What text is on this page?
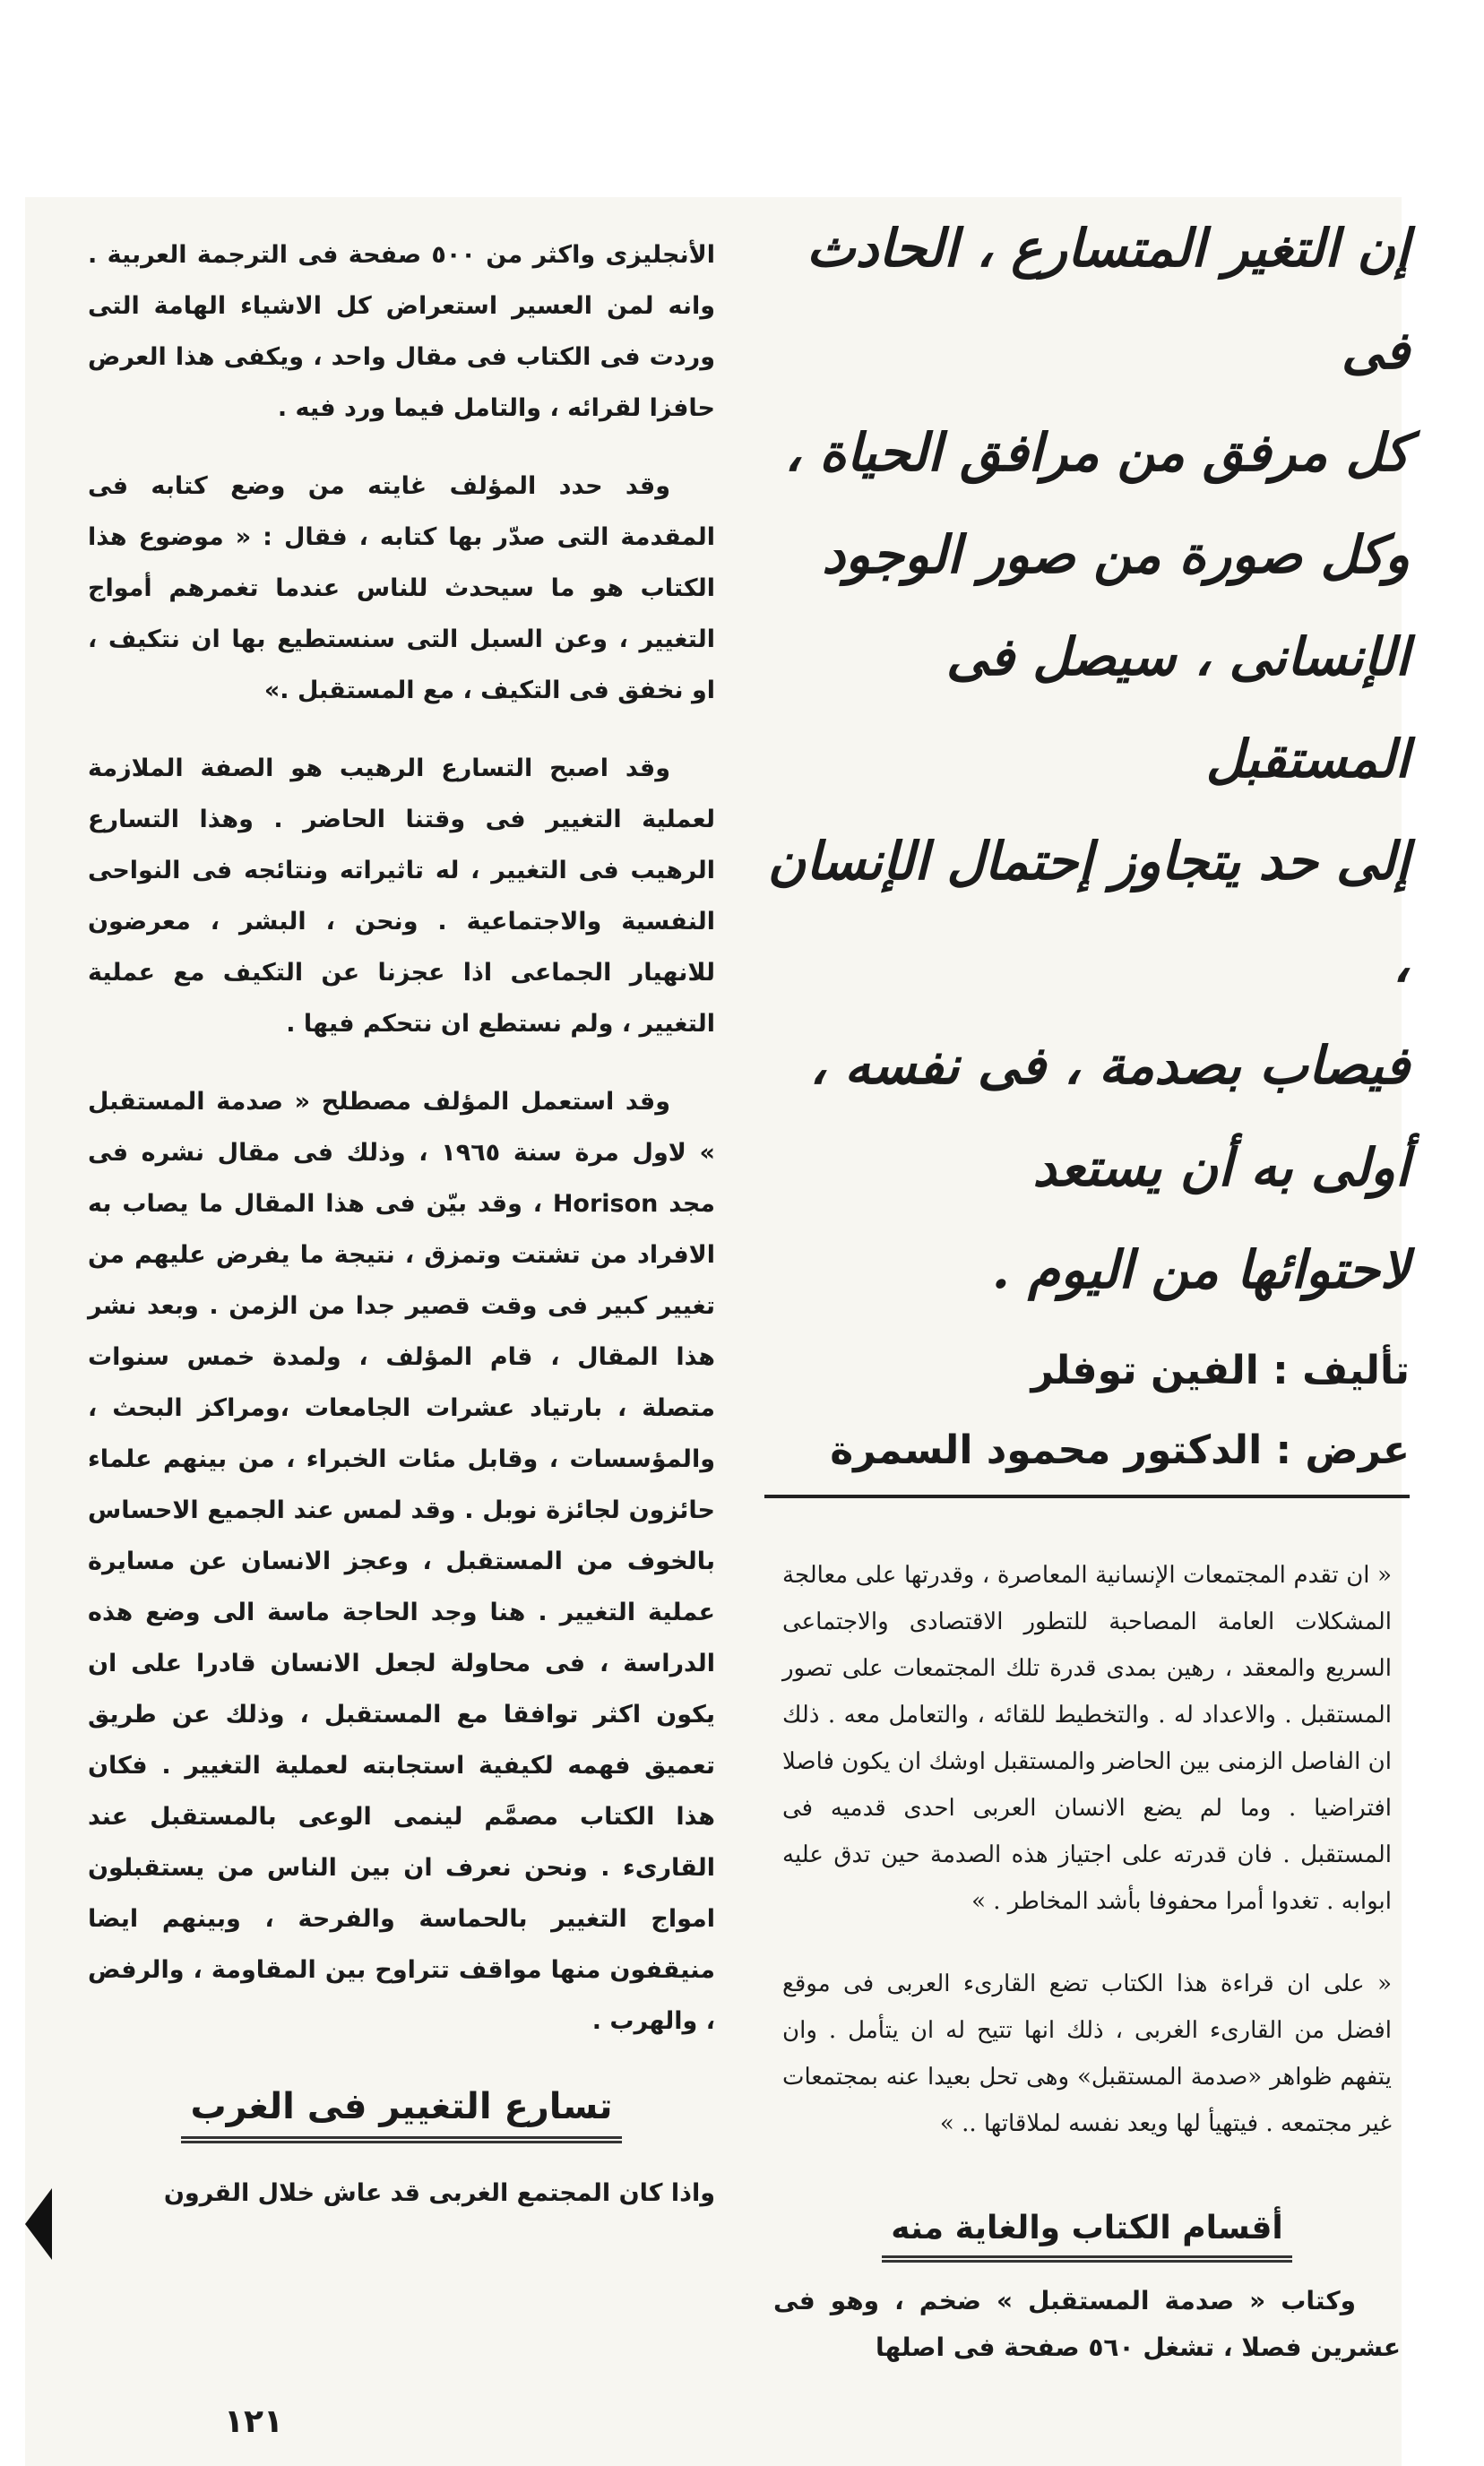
إن التغير المتسارع ، الحادث فى

كل مرفق من مرافق الحياة ،

وكل صورة من صور الوجود

الإنسانى ، سيصل فى المستقبل

إلى حد يتجاوز إحتمال الإنسان ،

فيصاب بصدمة ، فى نفسه ،

أولى به أن يستعد

لاحتوائها من اليوم .

تأليف : الفين توفلر

عرض : الدكتور محمود السمرة

« ان تقدم المجتمعات الإنسانية المعاصرة ، وقدرتها على معالجة المشكلات العامة المصاحبة للتطور الاقتصادى والاجتماعى السريع والمعقد ، رهين بمدى قدرة تلك المجتمعات على تصور المستقبل . والاعداد له . والتخطيط للقائه ، والتعامل معه . ذلك ان الفاصل الزمنى بين الحاضر والمستقبل اوشك ان يكون فاصلا افتراضيا . وما لم يضع الانسان العربى احدى قدميه فى المستقبل . فان قدرته على اجتياز هذه الصدمة حين تدق عليه ابوابه . تغدوا أمرا محفوفا بأشد المخاطر . »

« على ان قراءة هذا الكتاب تضع القارىء العربى فى موقع افضل من القارىء الغربى ، ذلك انها تتيح له ان يتأمل . وان يتفهم ظواهر «صدمة المستقبل» وهى تحل بعيدا عنه بمجتمعات غير مجتمعه . فيتهيأ لها ويعد نفسه لملاقاتها .. »

أقسام الكتاب والغاية منه

وكتاب « صدمة المستقبل » ضخم ، وهو فى عشرين فصلا ، تشغل ٥٦٠ صفحة فى اصلها

الأنجليزى واكثر من ٥٠٠ صفحة فى الترجمة العربية . وانه لمن العسير استعراض كل الاشياء الهامة التى وردت فى الكتاب فى مقال واحد ، ويكفى هذا العرض حافزا لقرائه ، والتامل فيما ورد فيه .

وقد حدد المؤلف غايته من وضع كتابه فى المقدمة التى صدّر بها كتابه ، فقال : « موضوع هذا الكتاب هو ما سيحدث للناس عندما تغمرهم أمواج التغيير ، وعن السبل التى سنستطيع بها ان نتكيف ، او نخفق فى التكيف ، مع المستقبل .»

وقد اصبح التسارع الرهيب هو الصفة الملازمة لعملية التغيير فى وقتنا الحاضر . وهذا التسارع الرهيب فى التغيير ، له تاثيراته ونتائجه فى النواحى النفسية والاجتماعية . ونحن ، البشر ، معرضون للانهيار الجماعى اذا عجزنا عن التكيف مع عملية التغيير ، ولم نستطع ان نتحكم فيها .

وقد استعمل المؤلف مصطلح « صدمة المستقبل » لاول مرة سنة ١٩٦٥ ، وذلك فى مقال نشره فى مجد Horison ، وقد بيّن فى هذا المقال ما يصاب به الافراد من تشتت وتمزق ، نتيجة ما يفرض عليهم من تغيير كبير فى وقت قصير جدا من الزمن . وبعد نشر هذا المقال ، قام المؤلف ، ولمدة خمس سنوات متصلة ، بارتياد عشرات الجامعات ،ومراكز البحث ، والمؤسسات ، وقابل مئات الخبراء ، من بينهم علماء حائزون لجائزة نوبل . وقد لمس عند الجميع الاحساس بالخوف من المستقبل ، وعجز الانسان عن مسايرة عملية التغيير . هنا وجد الحاجة ماسة الى وضع هذه الدراسة ، فى محاولة لجعل الانسان قادرا على ان يكون اكثر توافقا مع المستقبل ، وذلك عن طريق تعميق فهمه لكيفية استجابته لعملية التغيير . فكان هذا الكتاب مصمَّم لينمى الوعى بالمستقبل عند القارىء . ونحن نعرف ان بين الناس من يستقبلون امواج التغيير بالحماسة والفرحة ، وبينهم ايضا منيقفون منها مواقف تتراوح بين المقاومة ، والرفض ، والهرب .

تسارع التغيير فى الغرب

واذا كان المجتمع الغربى قد عاش خلال القرون

١٢١
